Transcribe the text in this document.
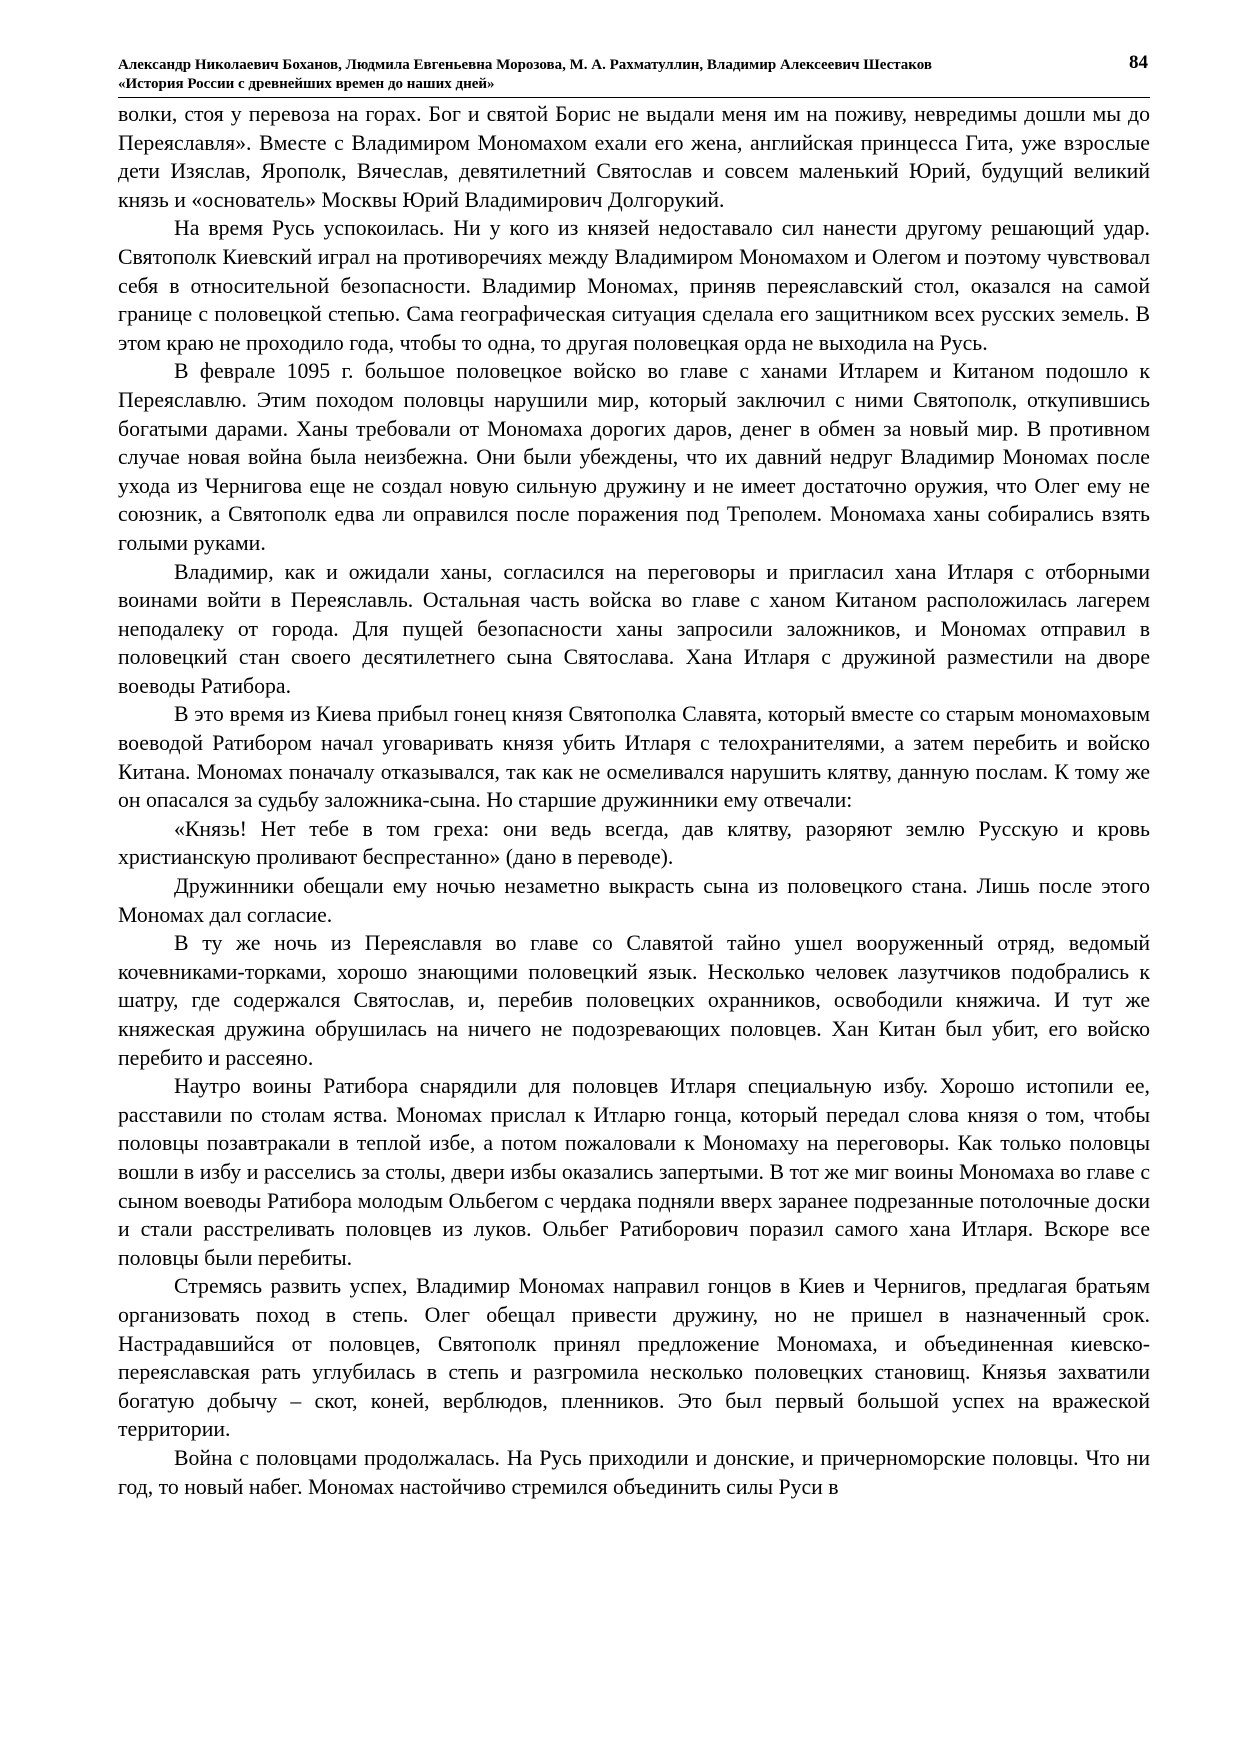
Александр Николаевич Боханов, Людмила Евгеньевна Морозова, М. А. Рахматуллин, Владимир Алексеевич Шестаков
«История России с древнейших времен до наших дней»
84

волки, стоя у перевоза на горах. Бог и святой Борис не выдали меня им на поживу, невредимы дошли мы до Переяславля». Вместе с Владимиром Мономахом ехали его жена, английская принцесса Гита, уже взрослые дети Изяслав, Ярополк, Вячеслав, девятилетний Святослав и совсем маленький Юрий, будущий великий князь и «основатель» Москвы Юрий Владимирович Долгорукий.

На время Русь успокоилась. Ни у кого из князей недоставало сил нанести другому решающий удар. Святополк Киевский играл на противоречиях между Владимиром Мономахом и Олегом и поэтому чувствовал себя в относительной безопасности. Владимир Мономах, приняв переяславский стол, оказался на самой границе с половецкой степью. Сама географическая ситуация сделала его защитником всех русских земель. В этом краю не проходило года, чтобы то одна, то другая половецкая орда не выходила на Русь.

В феврале 1095 г. большое половецкое войско во главе с ханами Итларем и Китаном подошло к Переяславлю. Этим походом половцы нарушили мир, который заключил с ними Святополк, откупившись богатыми дарами. Ханы требовали от Мономаха дорогих даров, денег в обмен за новый мир. В противном случае новая война была неизбежна. Они были убеждены, что их давний недруг Владимир Мономах после ухода из Чернигова еще не создал новую сильную дружину и не имеет достаточно оружия, что Олег ему не союзник, а Святополк едва ли оправился после поражения под Треполем. Мономаха ханы собирались взять голыми руками.

Владимир, как и ожидали ханы, согласился на переговоры и пригласил хана Итларя с отборными воинами войти в Переяславль. Остальная часть войска во главе с ханом Китаном расположилась лагерем неподалеку от города. Для пущей безопасности ханы запросили заложников, и Мономах отправил в половецкий стан своего десятилетнего сына Святослава. Хана Итларя с дружиной разместили на дворе воеводы Ратибора.

В это время из Киева прибыл гонец князя Святополка Славята, который вместе со старым мономаховым воеводой Ратибором начал уговаривать князя убить Итларя с телохранителями, а затем перебить и войско Китана. Мономах поначалу отказывался, так как не осмеливался нарушить клятву, данную послам. К тому же он опасался за судьбу заложника-сына. Но старшие дружинники ему отвечали:

«Князь! Нет тебе в том греха: они ведь всегда, дав клятву, разоряют землю Русскую и кровь христианскую проливают беспрестанно» (дано в переводе).

Дружинники обещали ему ночью незаметно выкрасть сына из половецкого стана. Лишь после этого Мономах дал согласие.

В ту же ночь из Переяславля во главе со Славятой тайно ушел вооруженный отряд, ведомый кочевниками-торками, хорошо знающими половецкий язык. Несколько человек лазутчиков подобрались к шатру, где содержался Святослав, и, перебив половецких охранников, освободили княжича. И тут же княжеская дружина обрушилась на ничего не подозревающих половцев. Хан Китан был убит, его войско перебито и рассеяно.

Наутро воины Ратибора снарядили для половцев Итларя специальную избу. Хорошо истопили ее, расставили по столам яства. Мономах прислал к Итларю гонца, который передал слова князя о том, чтобы половцы позавтракали в теплой избе, а потом пожаловали к Мономаху на переговоры. Как только половцы вошли в избу и расселись за столы, двери избы оказались запертыми. В тот же миг воины Мономаха во главе с сыном воеводы Ратибора молодым Ольбегом с чердака подняли вверх заранее подрезанные потолочные доски и стали расстреливать половцев из луков. Ольбег Ратиборович поразил самого хана Итларя. Вскоре все половцы были перебиты.

Стремясь развить успех, Владимир Мономах направил гонцов в Киев и Чернигов, предлагая братьям организовать поход в степь. Олег обещал привести дружину, но не пришел в назначенный срок. Настрадавшийся от половцев, Святополк принял предложение Мономаха, и объединенная киевско-переяславская рать углубилась в степь и разгромила несколько половецких становищ. Князья захватили богатую добычу – скот, коней, верблюдов, пленников. Это был первый большой успех на вражеской территории.

Война с половцами продолжалась. На Русь приходили и донские, и причерноморские половцы. Что ни год, то новый набег. Мономах настойчиво стремился объединить силы Руси в
